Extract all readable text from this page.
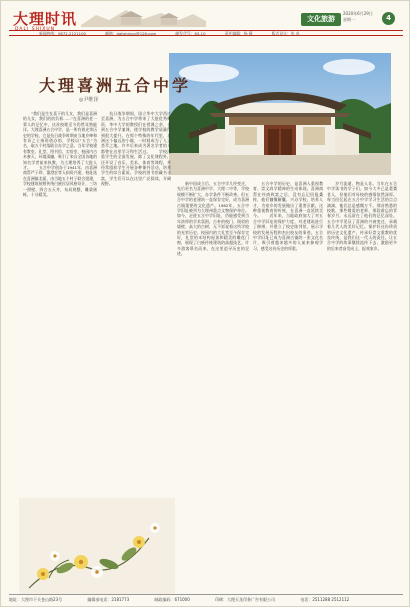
大理时讯
DALI SHIXUN
文化旅游
2020年6月29日
星期一	4
新闻热线：0872-2121100	邮箱：dalishixun@126.com	邮发代号：63-10	责任编辑：杨 静	版式设计：毕 卓
大理喜洲五合中学
◎尹维泽
　　“我们是生在喜下的儿女，我们是喜洲的儿女，我们的肩负着……”在喜洲的老一辈人的记忆中，这首校歌至今仍然耳熟能详。大理喜洲五合中学，是一所有着光荣历史的学校，它是抗日战争时期由当地乡绅和有识之士捐资创办的，学校以“五合”为名，取五个村落联合办学之意。当年学校建有教室、礼堂、图书馆、实验室，校园内古木参天，环境清幽，吸引了来自全国各地的知名学者前来执教，为大理培养了大批人才。　　五合中学创办于1941年，由喜洲商帮严子珍、董澄农等人捐资兴建，校址选在喜洲镇北面，由当地五个村子联合组建，学校建筑按照传统白族民居风格设计，三坊一照壁、四合五天井，布局规整，雕梁画栋，十分精美。
　　抗日战争期间，国立华中大学西迁至喜洲，为五合中学带来了大批优秀师资，华中大学的教授们在授课之余，也到五合中学兼课，使学校的教学质量得到很大提升。在那个特殊的年代里，喜洲这个偏远的小镇，一时间成为了人文荟萃之地。许多后来成为著名学者的人都曾在这里学习和生活过。　　学校注重学生的全面发展，除了文化课程外，还开设了音乐、美术、体育等课程，并经常组织学生开展各种课外活动，培养学生的综合素质。学校的图书馆藏书丰富，学生们可以在这里广泛阅读，开阔视野。	　　新中国成立后，五合中学几经变迁，先后更名为喜洲中学、大理二中等，学校规模不断扩大，办学条件不断改善。但五合中学的老建筑一直保存完好，成为喜洲古镇重要的文化遗产。1982年，五合中学旧址被列为大理州重点文物保护单位。　　如今，走进五合中学旧址，仍能感受到当年浓厚的学术氛围。古朴的校门、斑驳的墙壁、高大的古树，无不诉说着这所学校的光荣历史。校园内的大礼堂至今保存完好，礼堂的木结构屋顶和精美的雕花门窗，展现了白族传统建筑的高超技艺。许多游客慕名而来，在这里追寻历史的足迹。
　　五合中学的历史，是喜洲人重视教育、崇文尚学精神的生动体现。喜洲商帮在经商致富之后，没有忘记回报桑梓，他们慷慨解囊，兴办学校，培养人才，为家乡的发展做出了重要贡献。这种重视教育的传统，在喜洲一直延续至今。　　近年来，当地政府加大了对五合中学旧址的保护力度，对老建筑进行了修缮，并建立了校史陈列馆，展示学校的发展历程和杰出校友的事迹。五合中学旧址已成为喜洲古镇的一张文化名片，吸引着越来越多的人前来参观学习，感受这份历史的厚重。
　　岁月流逝，物是人非。当年在五合中学读书的学子们，如今大多已是耄耋老人，但他们对母校的感情依然深厚。每当回忆起在五合中学学习生活的点点滴滴，他们总是感慨万千。那首熟悉的校歌，那些敬爱的老师，那段难忘的青春岁月，永远留在了他们的记忆深处。　　五合中学见证了喜洲的兴衰变迁，承载着几代人的美好记忆。保护好这份珍贵的历史文化遗产，传承好崇文重教的优良传统，是我们这一代人的责任。让五合中学的故事继续流传下去，激励更多的后来者奋发向上、报效家乡。
地址：大理市下关苍山路23号	编辑部电话：2181773	邮政编码：671000	印刷：大理天龙印务广告有限公司	电话：2511288 2512112
